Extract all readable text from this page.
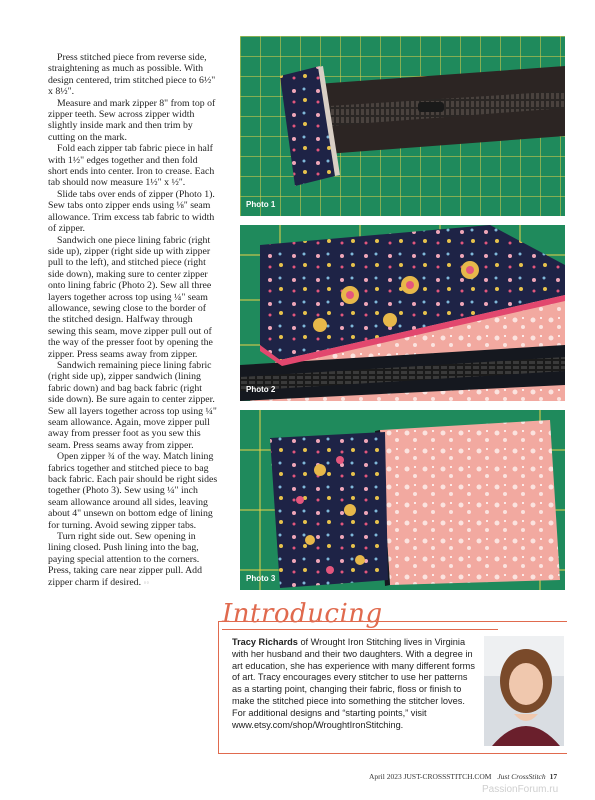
Press stitched piece from reverse side, straightening as much as possible. With design centered, trim stitched piece to 6½" x 8½".

Measure and mark zipper 8" from top of zipper teeth. Sew across zipper width slightly inside mark and then trim by cutting on the mark.

Fold each zipper tab fabric piece in half with 1½" edges together and then fold short ends into center. Iron to crease. Each tab should now measure 1½" x ½".

Slide tabs over ends of zipper (Photo 1). Sew tabs onto zipper ends using ⅛" seam allowance. Trim excess tab fabric to width of zipper.

Sandwich one piece lining fabric (right side up), zipper (right side up with zipper pull to the left), and stitched piece (right side down), making sure to center zipper onto lining fabric (Photo 2). Sew all three layers together across top using ¼" seam allowance, sewing close to the border of the stitched design. Halfway through sewing this seam, move zipper pull out of the way of the presser foot by opening the zipper. Press seams away from zipper.

Sandwich remaining piece lining fabric (right side up), zipper sandwich (lining fabric down) and bag back fabric (right side down). Be sure again to center zipper. Sew all layers together across top using ¼" seam allowance. Again, move zipper pull away from presser foot as you sew this seam. Press seams away from zipper.

Open zipper ¾ of the way. Match lining fabrics together and stitched piece to bag back fabric. Each pair should be right sides together (Photo 3). Sew using ¼" inch seam allowance around all sides, leaving about 4" unsewn on bottom edge of lining for turning. Avoid sewing zipper tabs.

Turn right side out. Sew opening in lining closed. Push lining into the bag, paying special attention to the corners. Press, taking care near zipper pull. Add zipper charm if desired. ◦◦

Photo 1
Photo 2
Photo 3
Introducing
Tracy Richards of Wrought Iron Stitching lives in Virginia with her husband and their two daughters. With a degree in art education, she has experience with many different forms of art. Tracy encourages every stitcher to use her patterns as a starting point, changing their fabric, floss or finish to make the stitched piece into something the stitcher loves. For additional designs and “starting points,” visit www.etsy.com/shop/WroughtIronStitching.
April 2023 JUST-CROSSSTITCH.COM Just CrossStitch 17
PassionForum.ru
